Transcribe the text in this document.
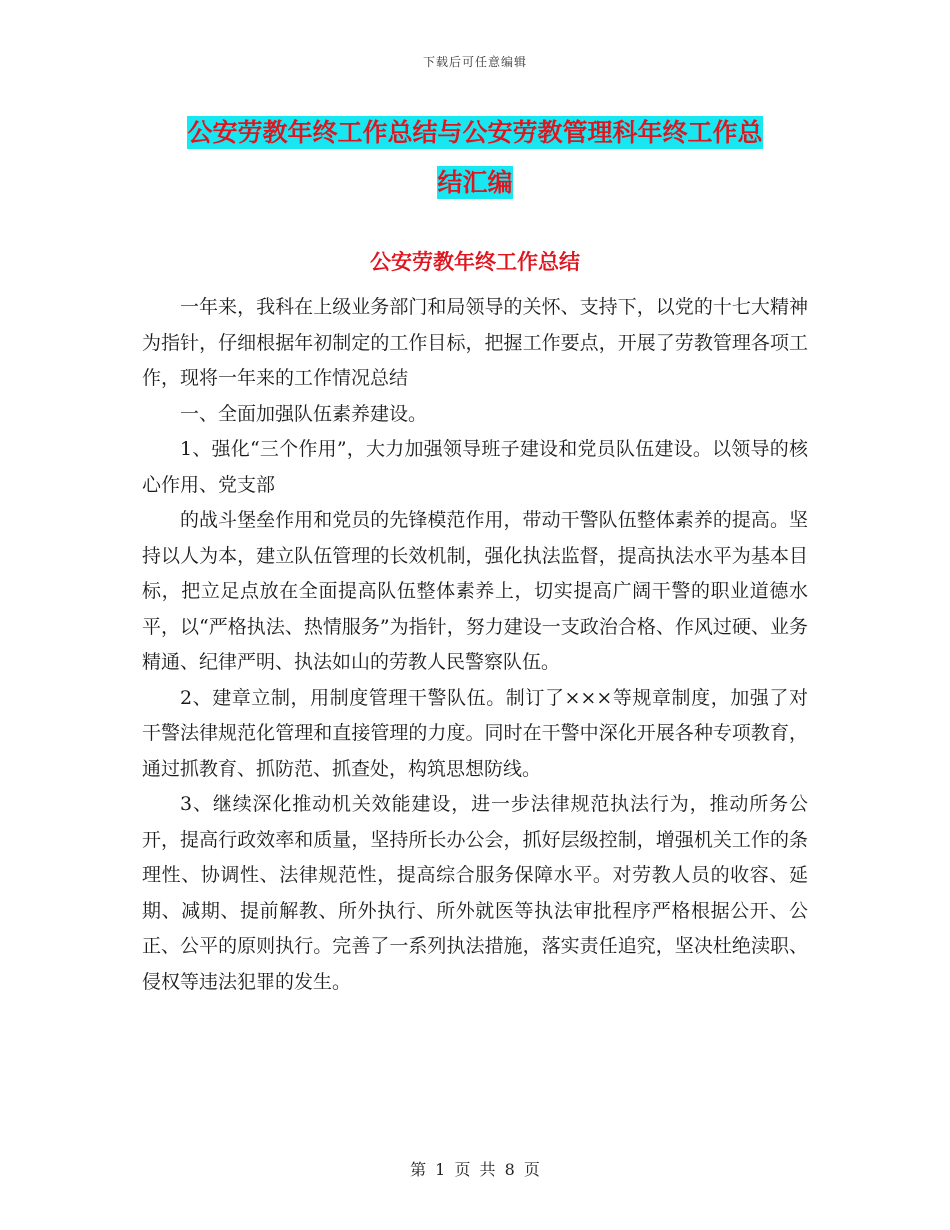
下载后可任意编辑
公安劳教年终工作总结与公安劳教管理科年终工作总
结汇编
公安劳教年终工作总结

一年来，我科在上级业务部门和局领导的关怀、支持下，以党的十七大精神为指针，仔细根据年初制定的工作目标，把握工作要点，开展了劳教管理各项工作，现将一年来的工作情况总结

一、全面加强队伍素养建设。

1、强化“三个作用”，大力加强领导班子建设和党员队伍建设。以领导的核心作用、党支部

的战斗堡垒作用和党员的先锋模范作用，带动干警队伍整体素养的提高。坚持以人为本，建立队伍管理的长效机制，强化执法监督，提高执法水平为基本目标，把立足点放在全面提高队伍整体素养上，切实提高广阔干警的职业道德水平，以“严格执法、热情服务”为指针，努力建设一支政治合格、作风过硬、业务精通、纪律严明、执法如山的劳教人民警察队伍。

2、建章立制，用制度管理干警队伍。制订了×××等规章制度，加强了对干警法律规范化管理和直接管理的力度。同时在干警中深化开展各种专项教育，通过抓教育、抓防范、抓查处，构筑思想防线。

3、继续深化推动机关效能建设，进一步法律规范执法行为，推动所务公开，提高行政效率和质量，坚持所长办公会，抓好层级控制，增强机关工作的条理性、协调性、法律规范性，提高综合服务保障水平。对劳教人员的收容、延期、减期、提前解教、所外执行、所外就医等执法审批程序严格根据公开、公正、公平的原则执行。完善了一系列执法措施，落实责任追究，坚决杜绝渎职、侵权等违法犯罪的发生。

第 1 页 共 8 页
